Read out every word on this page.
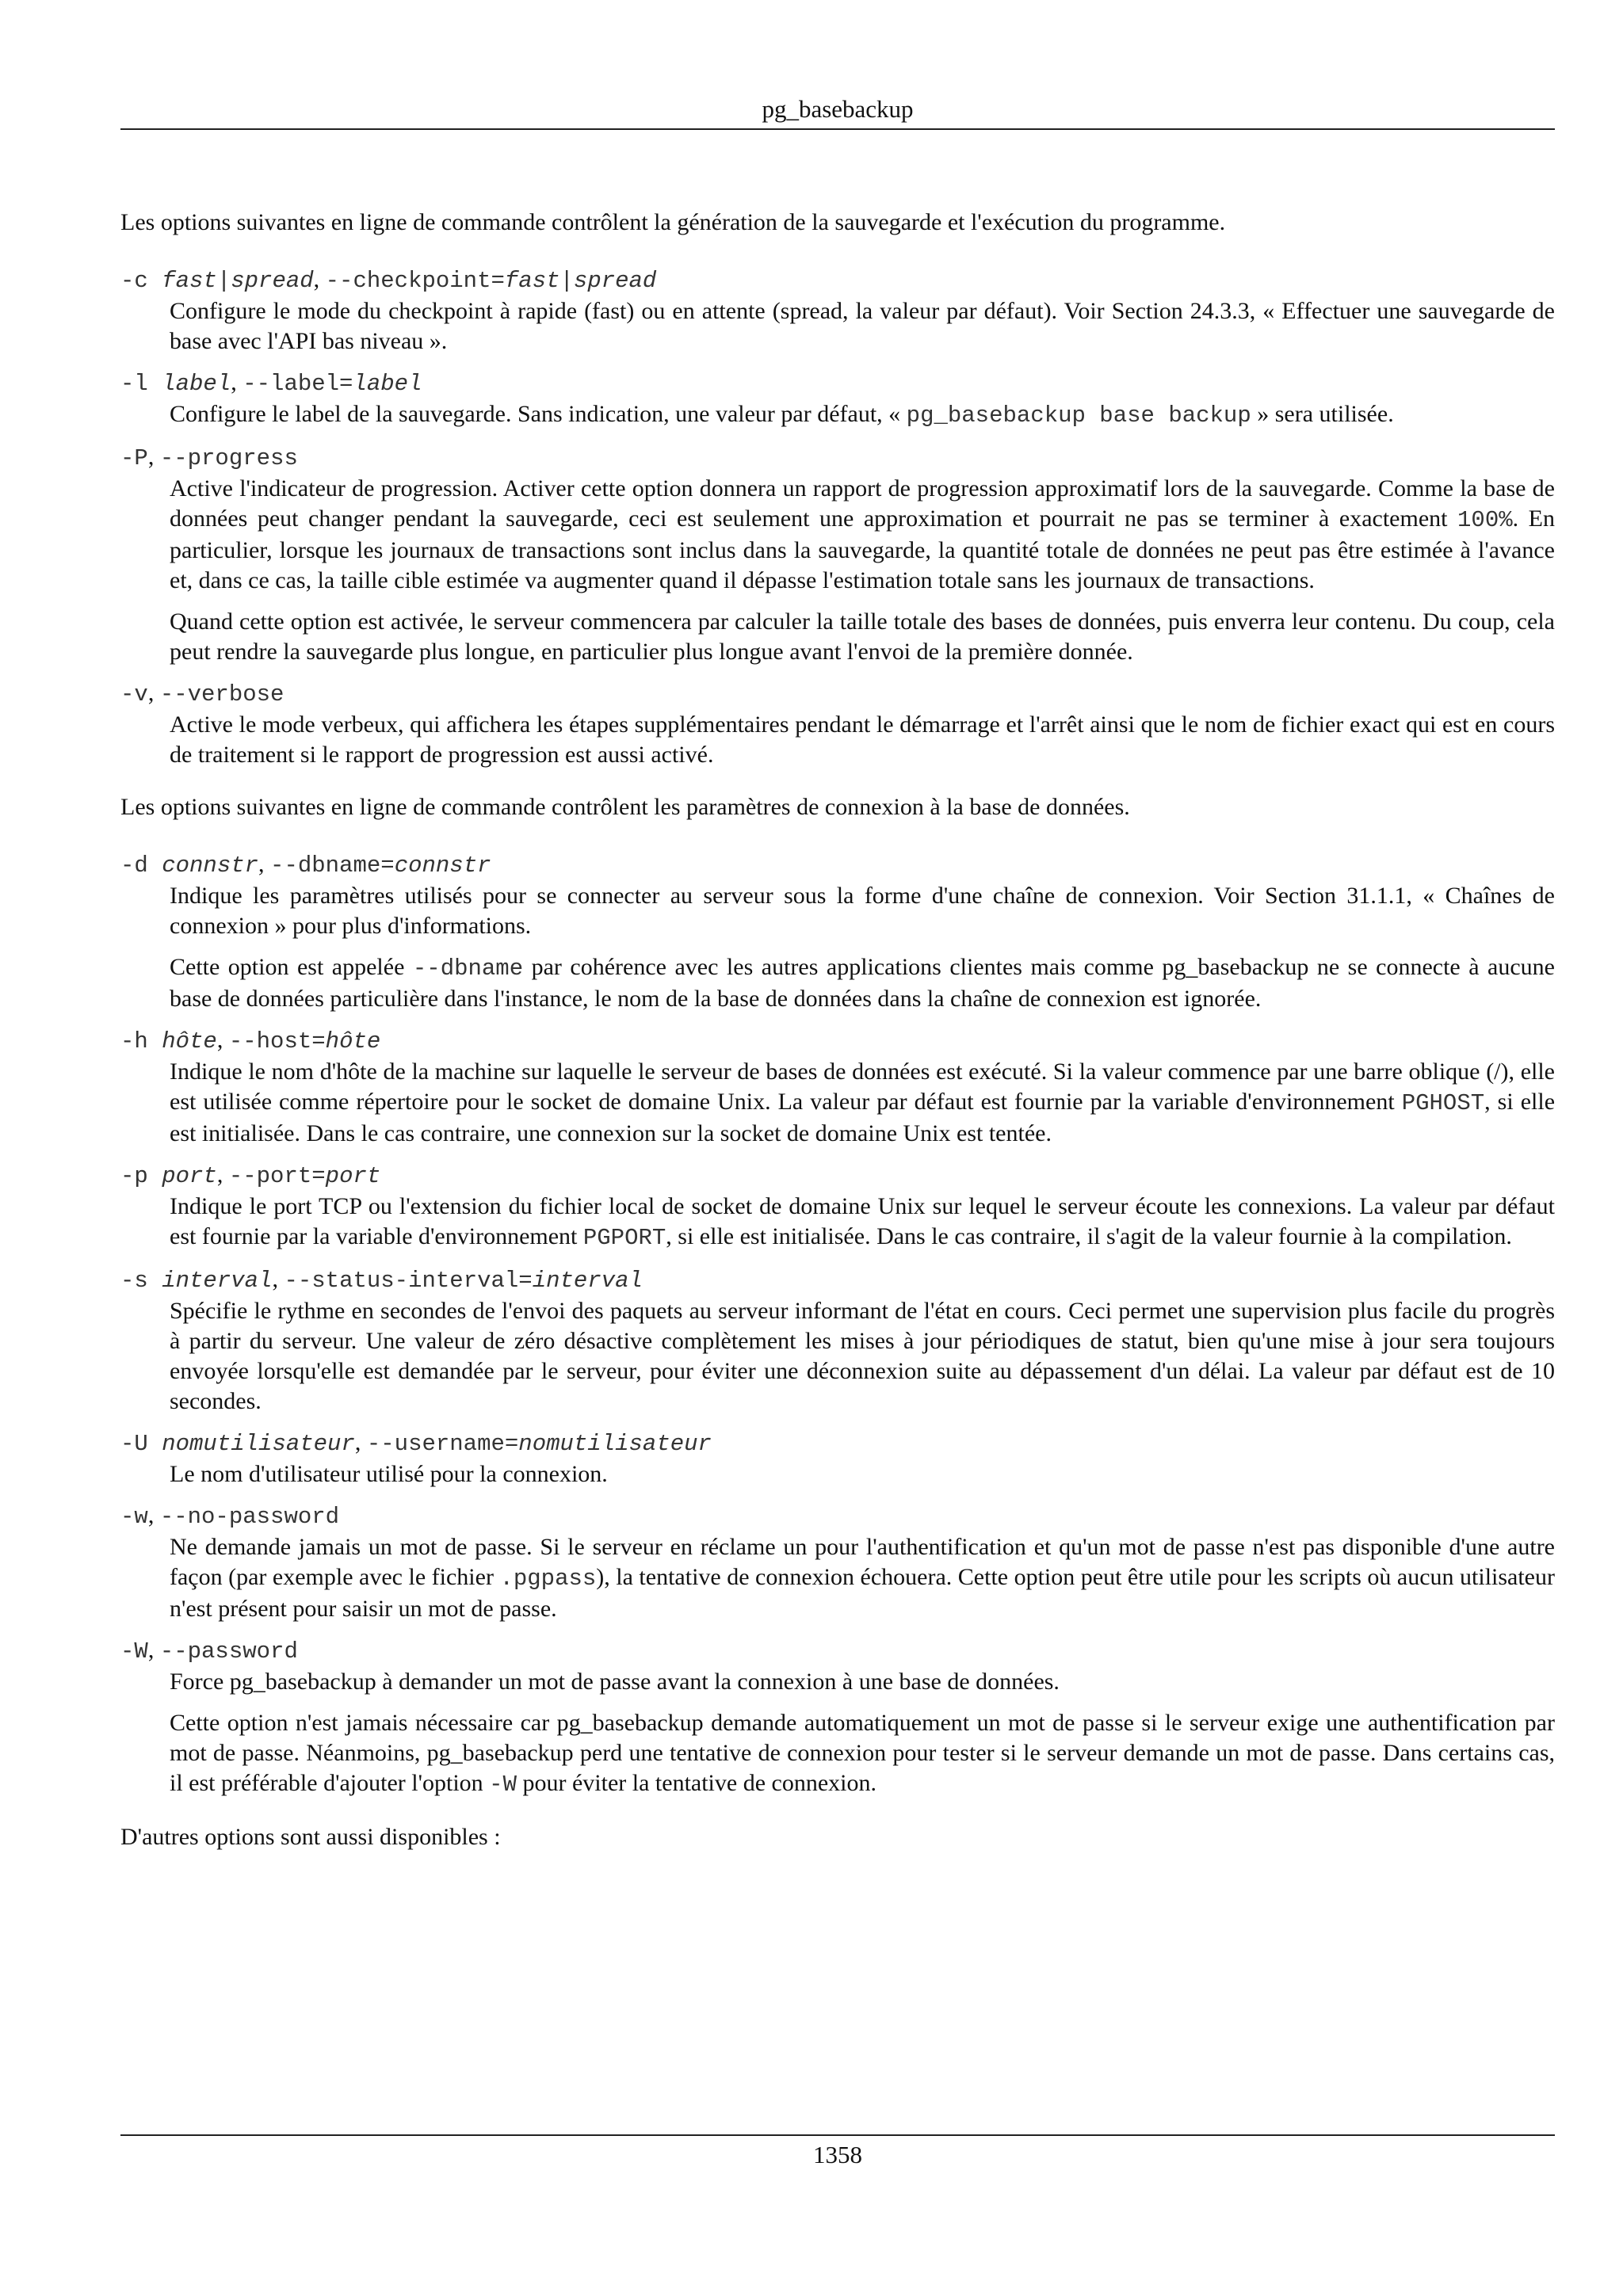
pg_basebackup

Les options suivantes en ligne de commande contrôlent la génération de la sauvegarde et l'exécution du programme.

-c fast|spread, --checkpoint=fast|spread

Configure le mode du checkpoint à rapide (fast) ou en attente (spread, la valeur par défaut). Voir Section 24.3.3, « Effectuer une sauvegarde de base avec l'API bas niveau ».

-l label, --label=label

Configure le label de la sauvegarde. Sans indication, une valeur par défaut, « pg_basebackup base backup » sera utilisée.

-P, --progress

Active l'indicateur de progression. Activer cette option donnera un rapport de progression approximatif lors de la sauvegarde. Comme la base de données peut changer pendant la sauvegarde, ceci est seulement une approximation et pourrait ne pas se terminer à exactement 100%. En particulier, lorsque les journaux de transactions sont inclus dans la sauvegarde, la quantité totale de données ne peut pas être estimée à l'avance et, dans ce cas, la taille cible estimée va augmenter quand il dépasse l'estimation totale sans les journaux de transactions.

Quand cette option est activée, le serveur commencera par calculer la taille totale des bases de données, puis enverra leur contenu. Du coup, cela peut rendre la sauvegarde plus longue, en particulier plus longue avant l'envoi de la première donnée.

-v, --verbose

Active le mode verbeux, qui affichera les étapes supplémentaires pendant le démarrage et l'arrêt ainsi que le nom de fichier exact qui est en cours de traitement si le rapport de progression est aussi activé.

Les options suivantes en ligne de commande contrôlent les paramètres de connexion à la base de données.

-d connstr, --dbname=connstr

Indique les paramètres utilisés pour se connecter au serveur sous la forme d'une chaîne de connexion. Voir Section 31.1.1, « Chaînes de connexion » pour plus d'informations.

Cette option est appelée --dbname par cohérence avec les autres applications clientes mais comme pg_basebackup ne se connecte à aucune base de données particulière dans l'instance, le nom de la base de données dans la chaîne de connexion est ignorée.

-h hôte, --host=hôte

Indique le nom d'hôte de la machine sur laquelle le serveur de bases de données est exécuté. Si la valeur commence par une barre oblique (/), elle est utilisée comme répertoire pour le socket de domaine Unix. La valeur par défaut est fournie par la variable d'environnement PGHOST, si elle est initialisée. Dans le cas contraire, une connexion sur la socket de domaine Unix est tentée.

-p port, --port=port

Indique le port TCP ou l'extension du fichier local de socket de domaine Unix sur lequel le serveur écoute les connexions. La valeur par défaut est fournie par la variable d'environnement PGPORT, si elle est initialisée. Dans le cas contraire, il s'agit de la valeur fournie à la compilation.

-s interval, --status-interval=interval

Spécifie le rythme en secondes de l'envoi des paquets au serveur informant de l'état en cours. Ceci permet une supervision plus facile du progrès à partir du serveur. Une valeur de zéro désactive complètement les mises à jour périodiques de statut, bien qu'une mise à jour sera toujours envoyée lorsqu'elle est demandée par le serveur, pour éviter une déconnexion suite au dépassement d'un délai. La valeur par défaut est de 10 secondes.

-U nomutilisateur, --username=nomutilisateur

Le nom d'utilisateur utilisé pour la connexion.

-w, --no-password

Ne demande jamais un mot de passe. Si le serveur en réclame un pour l'authentification et qu'un mot de passe n'est pas disponible d'une autre façon (par exemple avec le fichier .pgpass), la tentative de connexion échouera. Cette option peut être utile pour les scripts où aucun utilisateur n'est présent pour saisir un mot de passe.

-W, --password

Force pg_basebackup à demander un mot de passe avant la connexion à une base de données.

Cette option n'est jamais nécessaire car pg_basebackup demande automatiquement un mot de passe si le serveur exige une authentification par mot de passe. Néanmoins, pg_basebackup perd une tentative de connexion pour tester si le serveur demande un mot de passe. Dans certains cas, il est préférable d'ajouter l'option -W pour éviter la tentative de connexion.

D'autres options sont aussi disponibles :

1358
